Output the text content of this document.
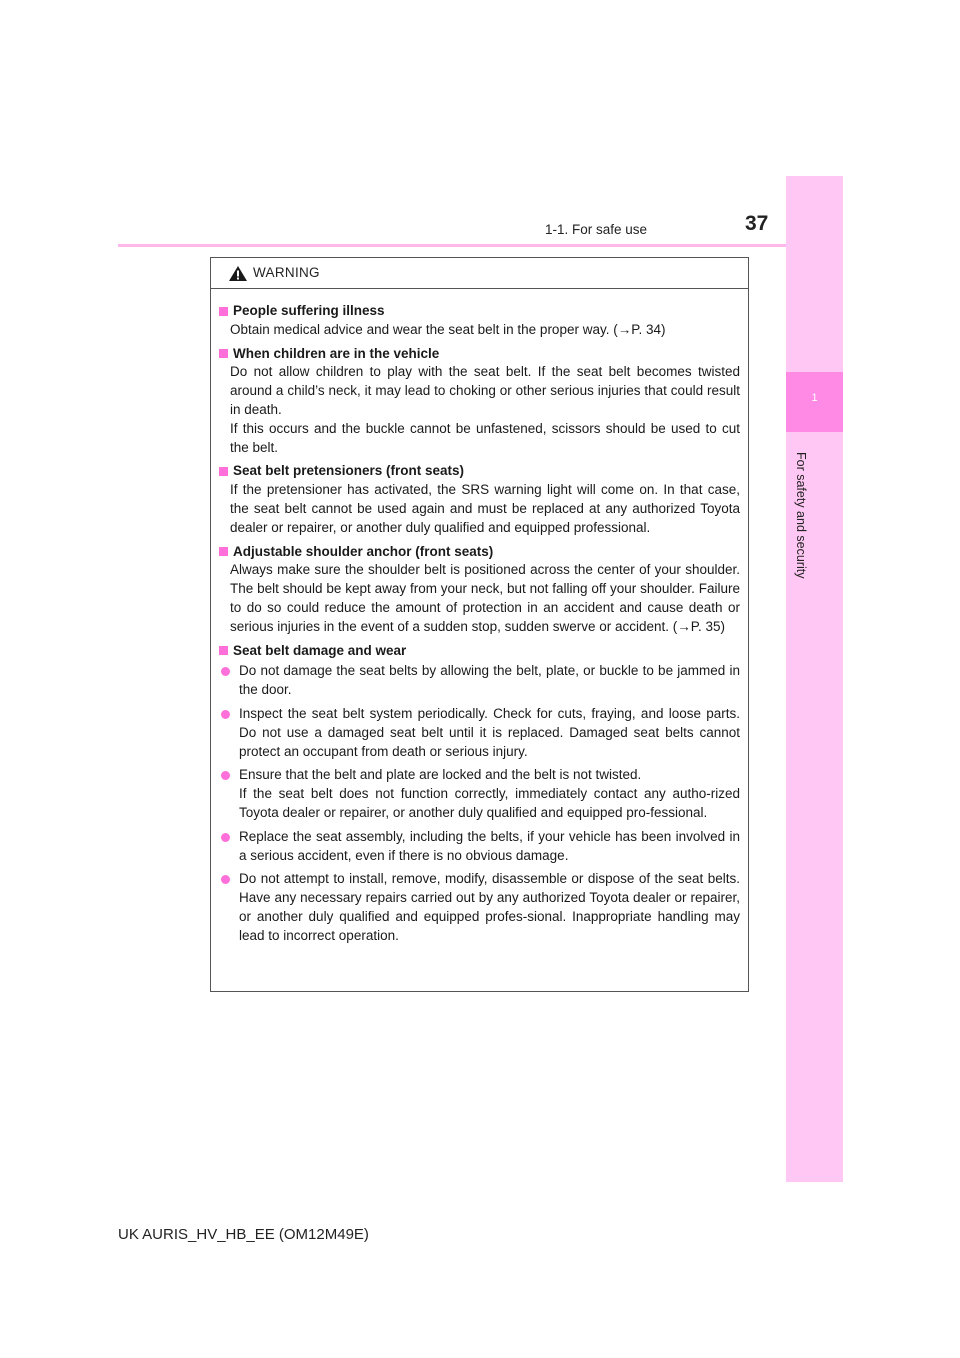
1
For safety and security
1-1. For safe use	37
WARNING
People suffering illness
Obtain medical advice and wear the seat belt in the proper way. (→P. 34)
When children are in the vehicle
Do not allow children to play with the seat belt. If the seat belt becomes twisted around a child’s neck, it may lead to choking or other serious injuries that could result in death.
If this occurs and the buckle cannot be unfastened, scissors should be used to cut the belt.
Seat belt pretensioners (front seats)
If the pretensioner has activated, the SRS warning light will come on. In that case, the seat belt cannot be used again and must be replaced at any authorized Toyota dealer or repairer, or another duly qualified and equipped professional.
Adjustable shoulder anchor (front seats)
Always make sure the shoulder belt is positioned across the center of your shoulder. The belt should be kept away from your neck, but not falling off your shoulder. Failure to do so could reduce the amount of protection in an accident and cause death or serious injuries in the event of a sudden stop, sudden swerve or accident. (→P. 35)
Seat belt damage and wear
Do not damage the seat belts by allowing the belt, plate, or buckle to be jammed in the door.
Inspect the seat belt system periodically. Check for cuts, fraying, and loose parts. Do not use a damaged seat belt until it is replaced. Damaged seat belts cannot protect an occupant from death or serious injury.
Ensure that the belt and plate are locked and the belt is not twisted.
If the seat belt does not function correctly, immediately contact any autho-rized Toyota dealer or repairer, or another duly qualified and equipped pro-fessional.
Replace the seat assembly, including the belts, if your vehicle has been involved in a serious accident, even if there is no obvious damage.
Do not attempt to install, remove, modify, disassemble or dispose of the seat belts. Have any necessary repairs carried out by any authorized Toyota dealer or repairer, or another duly qualified and equipped profes-sional. Inappropriate handling may lead to incorrect operation.
UK AURIS_HV_HB_EE (OM12M49E)
